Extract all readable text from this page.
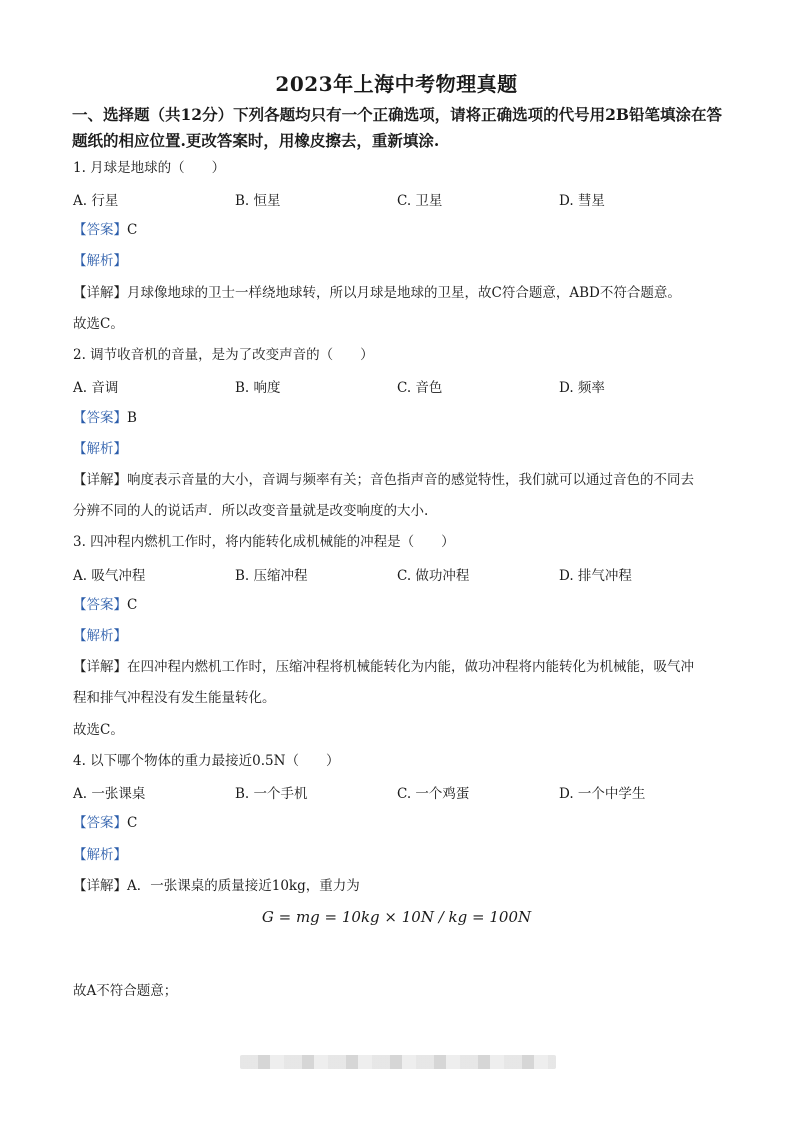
2023年上海中考物理真题
一、选择题（共12分）下列各题均只有一个正确选项，请将正确选项的代号用2B铅笔填涂在答题纸的相应位置.更改答案时，用橡皮擦去，重新填涂.
1. 月球是地球的（　　）
A. 行星	B. 恒星	C. 卫星	D. 彗星
【答案】C
【解析】
【详解】月球像地球的卫士一样绕地球转，所以月球是地球的卫星，故C符合题意，ABD不符合题意。
故选C。
2. 调节收音机的音量，是为了改变声音的（　　）
A. 音调	B. 响度	C. 音色	D. 频率
【答案】B
【解析】
【详解】响度表示音量的大小，音调与频率有关；音色指声音的感觉特性，我们就可以通过音色的不同去
分辨不同的人的说话声．所以改变音量就是改变响度的大小.
3. 四冲程内燃机工作时，将内能转化成机械能的冲程是（　　）
A. 吸气冲程	B. 压缩冲程	C. 做功冲程	D. 排气冲程
【答案】C
【解析】
【详解】在四冲程内燃机工作时，压缩冲程将机械能转化为内能，做功冲程将内能转化为机械能，吸气冲
程和排气冲程没有发生能量转化。
故选C。
4. 以下哪个物体的重力最接近0.5N（　　）
A. 一张课桌	B. 一个手机	C. 一个鸡蛋	D. 一个中学生
【答案】C
【解析】
【详解】A．一张课桌的质量接近10kg，重力为
G = mg = 10kg × 10N / kg = 100N
故A不符合题意；
